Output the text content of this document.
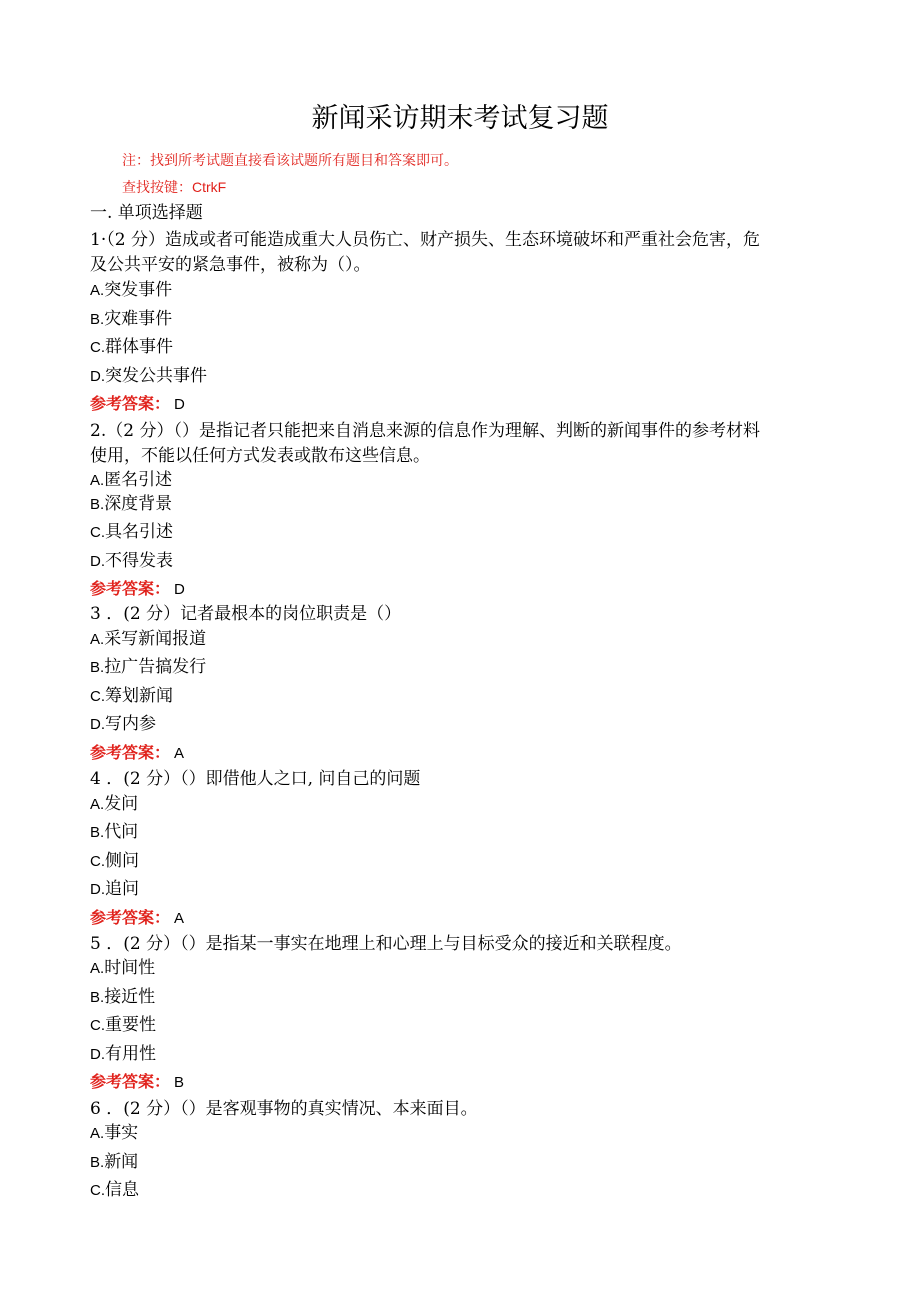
新闻采访期末考试复习题
注：找到所考试题直接看该试题所有题目和答案即可。
查找按键：CtrkF
一. 单项选择题
1·（2 分）造成或者可能造成重大人员伤亡、财产损失、生态环境破坏和严重社会危害，危
及公共平安的紧急事件，被称为（）。
A.突发事件
B.灾难事件
C.群体事件
D.突发公共事件
参考答案： D
2.（2 分）（）是指记者只能把来自消息来源的信息作为理解、判断的新闻事件的参考材料
使用，不能以任何方式发表或散布这些信息。
A.匿名引述
B.深度背景
C.具名引述
D.不得发表
参考答案： D
3 ．(2 分）记者最根本的岗位职责是（）
A.采写新闻报道
B.拉广告搞发行
C.筹划新闻
D.写内参
参考答案： A
4 ．(2 分）（）即借他人之口, 问自己的问题
A.发问
B.代问
C.侧问
D.追问
参考答案： A
5 ．(2 分）（）是指某一事实在地理上和心理上与目标受众的接近和关联程度。
A.时间性
B.接近性
C.重要性
D.有用性
参考答案： B
6 ．(2 分）（）是客观事物的真实情况、本来面目。
A.事实
B.新闻
C.信息
